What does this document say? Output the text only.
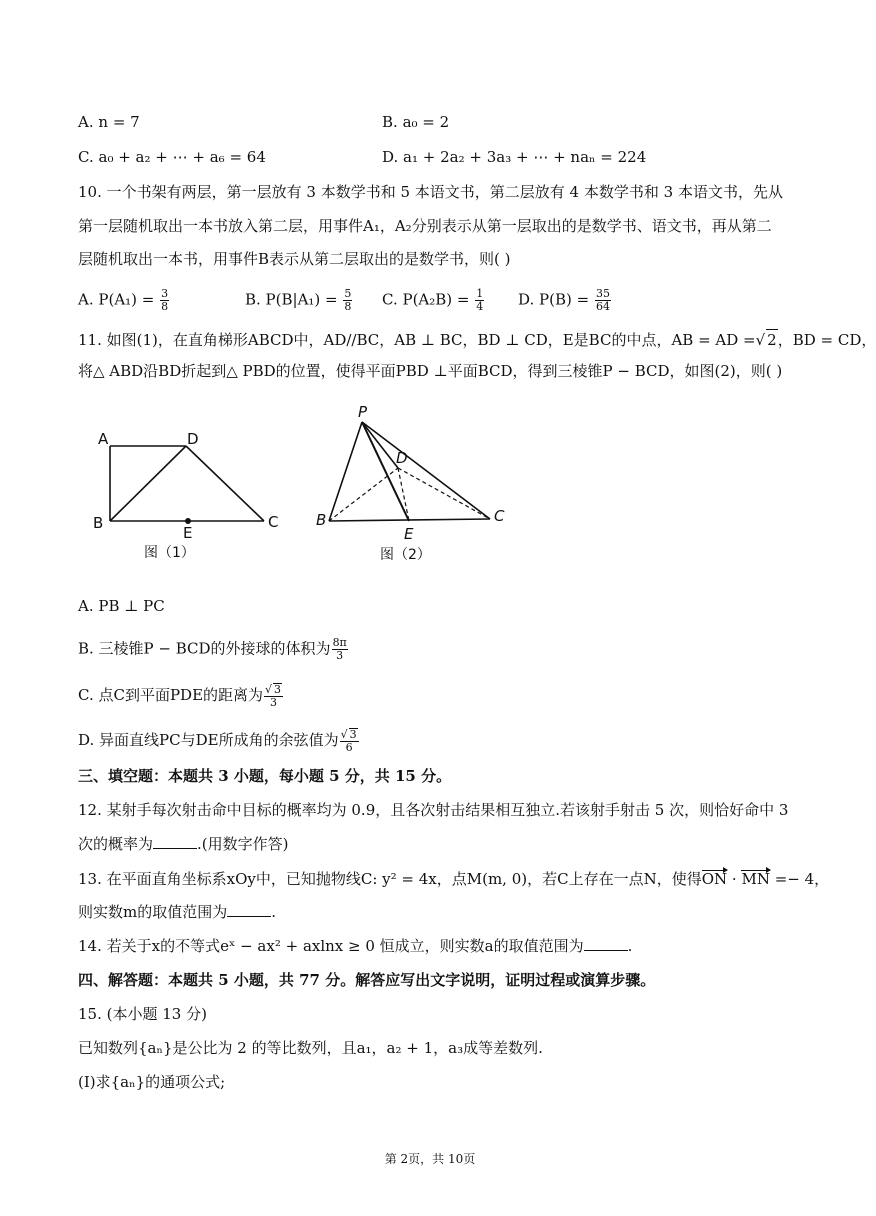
A. n = 7	B. a₀ = 2
C. a₀ + a₂ + ⋯ + a₆ = 64	D. a₁ + 2a₂ + 3a₃ + ⋯ + naₙ = 224
10. 一个书架有两层，第一层放有 3 本数学书和 5 本语文书，第二层放有 4 本数学书和 3 本语文书，先从
第一层随机取出一本书放入第二层，用事件A₁，A₂分别表示从第一层取出的是数学书、语文书，再从第二
层随机取出一本书，用事件B表示从第二层取出的是数学书，则( )
A. $P(A_1) = \frac{3}{8}$	B. $P(B|A_1) = \frac{5}{8} C$. $P(A_2B) = \frac{1}{4} D$. $P(B) = \frac{35}{64}$
11. 如图(1)，在直角梯形ABCD中，AD//BC，AB ⊥ BC，BD ⊥ CD，E是BC的中点，AB = AD = √ 2，BD = CD，
将△ ABD沿BD折起到△ PBD的位置，使得平面PBD ⊥平面BCD，得到三棱锥P − BCD，如图(2)，则( )
A	D
B	C
E
图（1）
P
D
B	C
E
图（2）
A. PB ⊥ PC
B. 三棱锥P − BCD的外接球的体积为 $\frac{8\pi}{3}$
C. 点C到平面PDE的距离为 √ $\frac{3}{3}$
D. 异面直线PC与DE所成角的余弦值为 √ $\frac{3}{6}$
三、填空题：本题共 3 小题，每小题 5 分，共 15 分。
12. 某射手每次射击命中目标的概率均为 0.9，且各次射击结果相互独立.若该射手射击 5 次，则恰好命中 3
次的概率为	.(用数字作答)
13. 在平面直角坐标系xOy中，已知抛物线C: y² = 4x，点M(m, 0)，若C上存在一点N，使得ON · MN =− 4，
则实数m的取值范围为	.
14. 若关于x的不等式eˣ − ax² + axlnx ≥ 0 恒成立，则实数a的取值范围为	.
四、解答题：本题共 5 小题，共 77 分。解答应写出文字说明，证明过程或演算步骤。
15. (本小题 13 分)
已知数列{aₙ}是公比为 2 的等比数列，且a₁，a₂ + 1，a₃成等差数列.
(I)求{aₙ}的通项公式;
第 2页，共 10页
